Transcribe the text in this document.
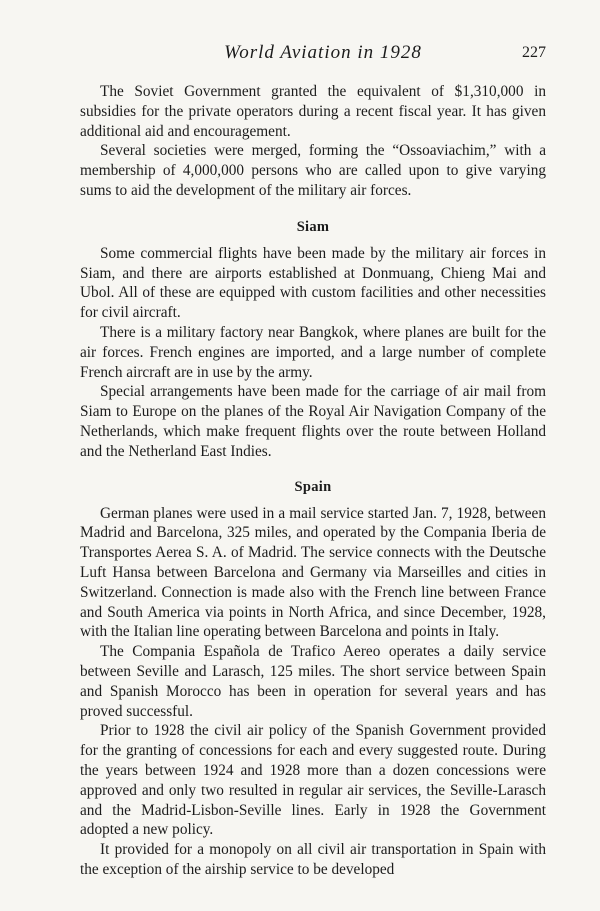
World Aviation in 1928	227

The Soviet Government granted the equivalent of $1,310,000 in subsidies for the private operators during a recent fiscal year. It has given additional aid and encouragement.

Several societies were merged, forming the “Ossoaviachim,” with a membership of 4,000,000 persons who are called upon to give varying sums to aid the development of the military air forces.

Siam

Some commercial flights have been made by the military air forces in Siam, and there are airports established at Donmuang, Chieng Mai and Ubol. All of these are equipped with custom facilities and other necessities for civil aircraft.

There is a military factory near Bangkok, where planes are built for the air forces. French engines are imported, and a large number of complete French aircraft are in use by the army.

Special arrangements have been made for the carriage of air mail from Siam to Europe on the planes of the Royal Air Navigation Company of the Netherlands, which make frequent flights over the route between Holland and the Netherland East Indies.

Spain

German planes were used in a mail service started Jan. 7, 1928, between Madrid and Barcelona, 325 miles, and operated by the Compania Iberia de Transportes Aerea S. A. of Madrid. The service connects with the Deutsche Luft Hansa between Barcelona and Germany via Marseilles and cities in Switzerland. Connection is made also with the French line between France and South America via points in North Africa, and since December, 1928, with the Italian line operating between Barcelona and points in Italy.

The Compania Española de Trafico Aereo operates a daily service between Seville and Larasch, 125 miles. The short service between Spain and Spanish Morocco has been in operation for several years and has proved successful.

Prior to 1928 the civil air policy of the Spanish Government provided for the granting of concessions for each and every suggested route. During the years between 1924 and 1928 more than a dozen concessions were approved and only two resulted in regular air services, the Seville-Larasch and the Madrid-Lisbon-Seville lines. Early in 1928 the Government adopted a new policy.

It provided for a monopoly on all civil air transportation in Spain with the exception of the airship service to be developed
